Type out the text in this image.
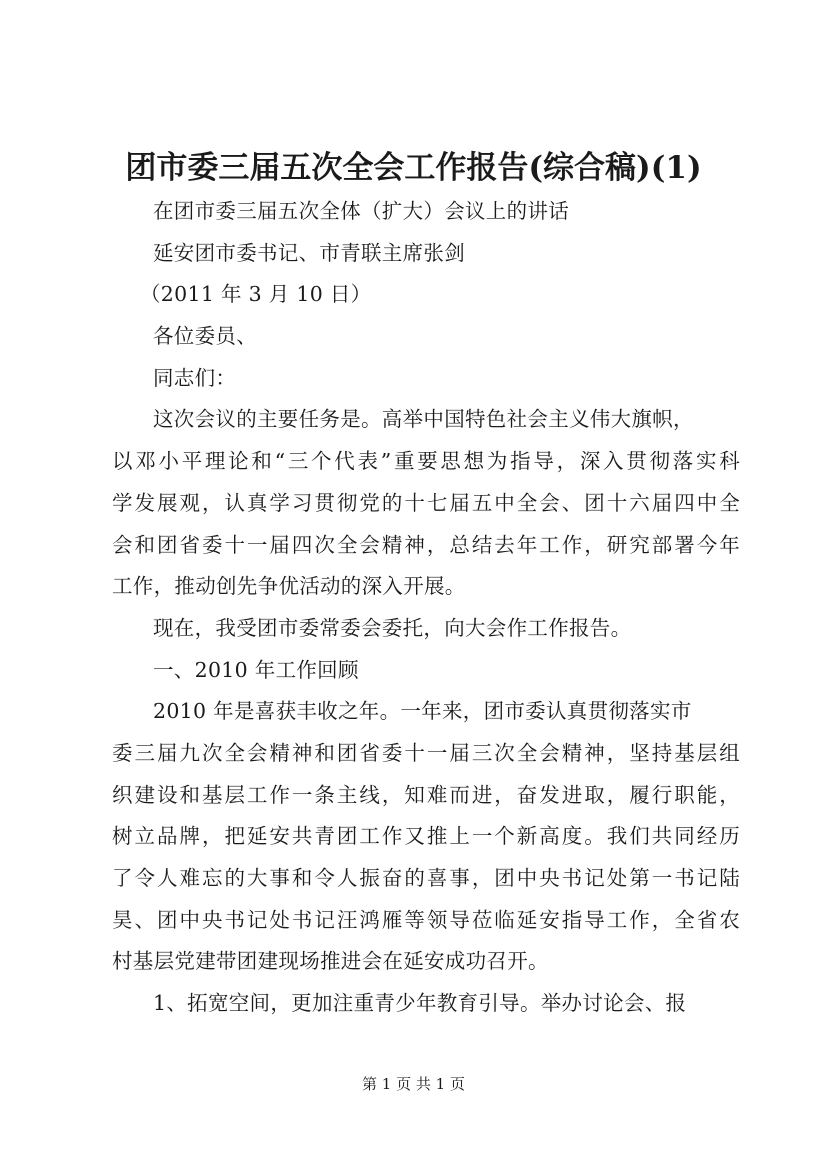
团市委三届五次全会工作报告(综合稿)(1)
在团市委三届五次全体（扩大）会议上的讲话
延安团市委书记、市青联主席张剑
（2011 年 3 月 10 日）
各位委员、
同志们：
这次会议的主要任务是。高举中国特色社会主义伟大旗帜，
以邓小平理论和“三个代表”重要思想为指导，深入贯彻落实科
学发展观，认真学习贯彻党的十七届五中全会、团十六届四中全
会和团省委十一届四次全会精神，总结去年工作，研究部署今年
工作，推动创先争优活动的深入开展。
现在，我受团市委常委会委托，向大会作工作报告。
一、2010 年工作回顾
2010 年是喜获丰收之年。一年来，团市委认真贯彻落实市
委三届九次全会精神和团省委十一届三次全会精神，坚持基层组
织建设和基层工作一条主线，知难而进，奋发进取，履行职能，
树立品牌，把延安共青团工作又推上一个新高度。我们共同经历
了令人难忘的大事和令人振奋的喜事，团中央书记处第一书记陆
昊、团中央书记处书记汪鸿雁等领导莅临延安指导工作，全省农
村基层党建带团建现场推进会在延安成功召开。
1、拓宽空间，更加注重青少年教育引导。举办讨论会、报
第 1 页 共 1 页
